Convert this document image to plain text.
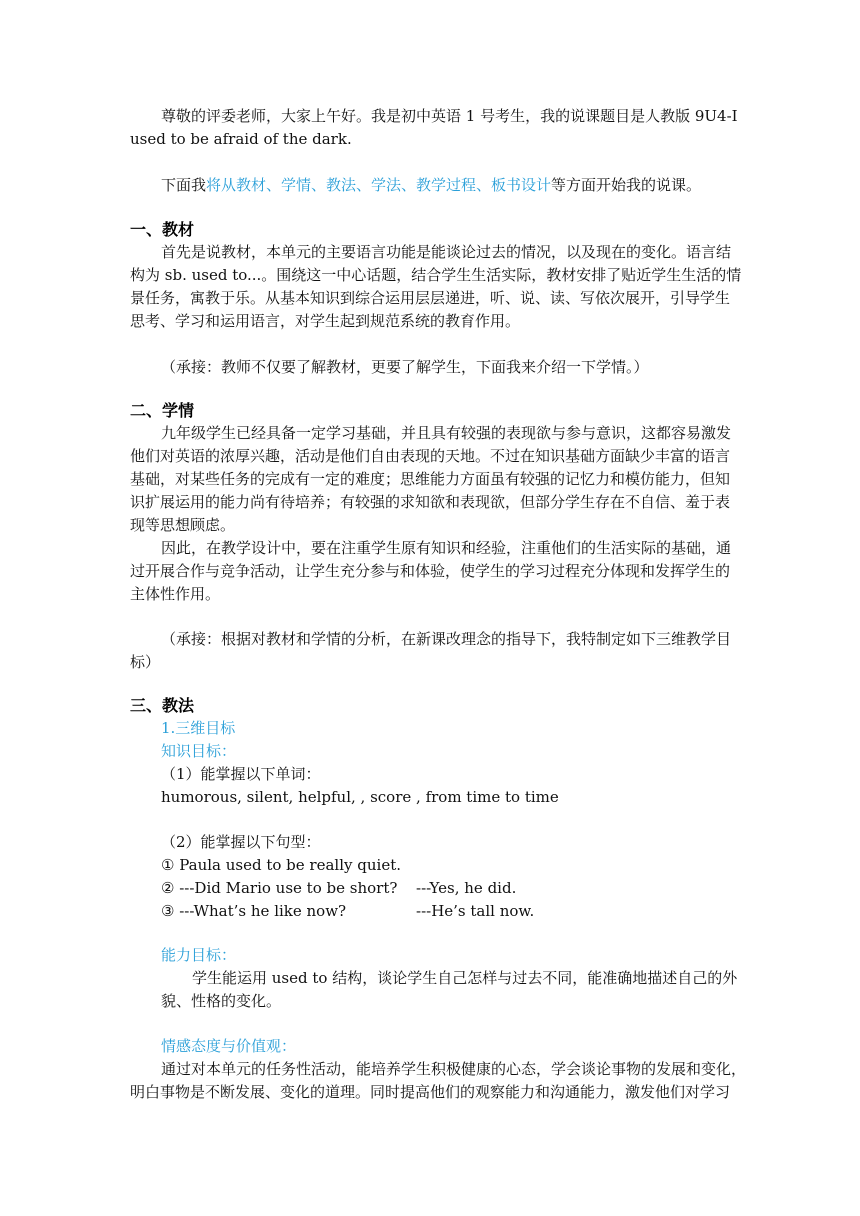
尊敬的评委老师，大家上午好。我是初中英语 1 号考生，我的说课题目是人教版 9U4-I
used to be afraid of the dark.
下面我将从教材、学情、教法、学法、教学过程、板书设计等方面开始我的说课。
一、教材
首先是说教材，本单元的主要语言功能是能谈论过去的情况，以及现在的变化。语言结
构为 sb. used to...。围绕这一中心话题，结合学生生活实际，教材安排了贴近学生生活的情
景任务，寓教于乐。从基本知识到综合运用层层递进，听、说、读、写依次展开，引导学生
思考、学习和运用语言，对学生起到规范系统的教育作用。
（承接：教师不仅要了解教材，更要了解学生，下面我来介绍一下学情。）
二、学情
九年级学生已经具备一定学习基础，并且具有较强的表现欲与参与意识，这都容易激发
他们对英语的浓厚兴趣，活动是他们自由表现的天地。不过在知识基础方面缺少丰富的语言
基础，对某些任务的完成有一定的难度；思维能力方面虽有较强的记忆力和模仿能力，但知
识扩展运用的能力尚有待培养；有较强的求知欲和表现欲，但部分学生存在不自信、羞于表
现等思想顾虑。
因此，在教学设计中，要在注重学生原有知识和经验，注重他们的生活实际的基础，通
过开展合作与竞争活动，让学生充分参与和体验，使学生的学习过程充分体现和发挥学生的
主体性作用。
（承接：根据对教材和学情的分析，在新课改理念的指导下，我特制定如下三维教学目
标）
三、教法
1.三维目标
知识目标：
（1）能掌握以下单词：
humorous, silent, helpful, , score , from time to time
（2）能掌握以下句型：
① Paula used to be really quiet.
② ---Did Mario use to be short? ---Yes, he did.
③ ---What’s he like now?	---He’s tall now.
能力目标：
学生能运用 used to 结构，谈论学生自己怎样与过去不同，能准确地描述自己的外
貌、性格的变化。
情感态度与价值观：
通过对本单元的任务性活动，能培养学生积极健康的心态，学会谈论事物的发展和变化，
明白事物是不断发展、变化的道理。同时提高他们的观察能力和沟通能力，激发他们对学习
